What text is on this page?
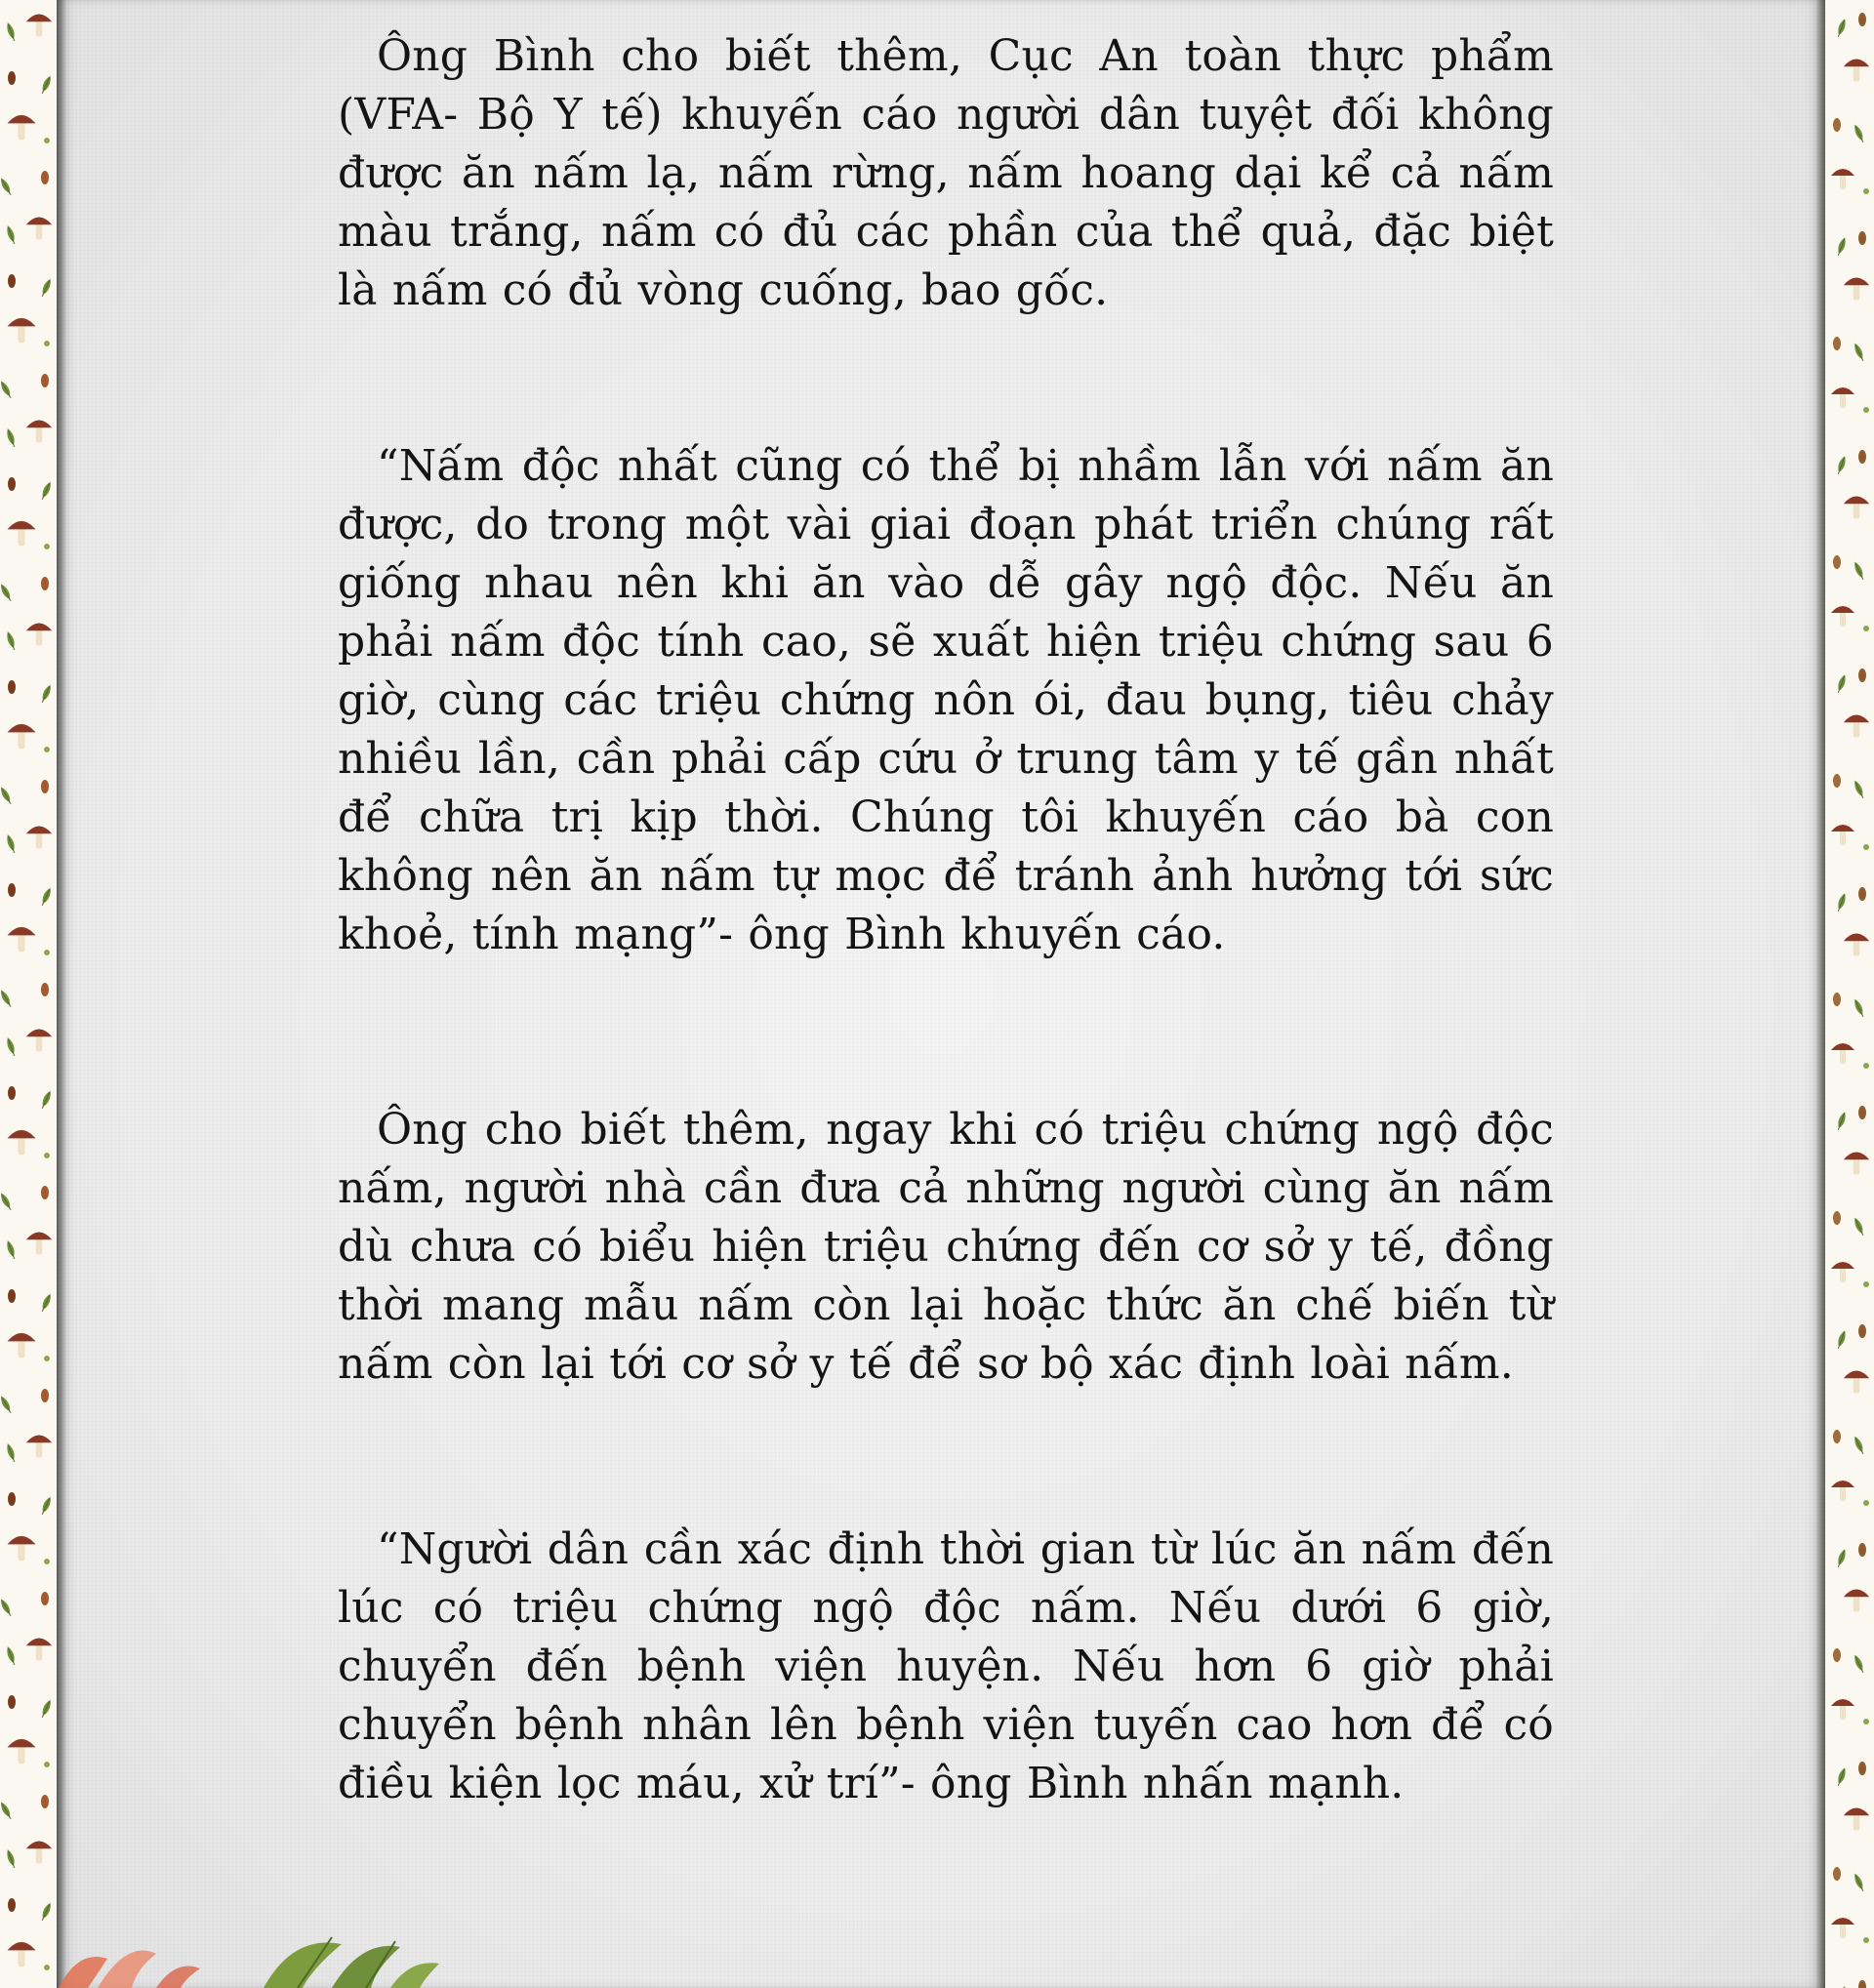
Ông Bình cho biết thêm, Cục An toàn thực phẩm (VFA- Bộ Y tế) khuyến cáo người dân tuyệt đối không được ăn nấm lạ, nấm rừng, nấm hoang dại kể cả nấm màu trắng, nấm có đủ các phần của thể quả, đặc biệt là nấm có đủ vòng cuống, bao gốc.

“Nấm độc nhất cũng có thể bị nhầm lẫn với nấm ăn được, do trong một vài giai đoạn phát triển chúng rất giống nhau nên khi ăn vào dễ gây ngộ độc. Nếu ăn phải nấm độc tính cao, sẽ xuất hiện triệu chứng sau 6 giờ, cùng các triệu chứng nôn ói, đau bụng, tiêu chảy nhiều lần, cần phải cấp cứu ở trung tâm y tế gần nhất để chữa trị kịp thời. Chúng tôi khuyến cáo bà con không nên ăn nấm tự mọc để tránh ảnh hưởng tới sức khoẻ, tính mạng”- ông Bình khuyến cáo.

Ông cho biết thêm, ngay khi có triệu chứng ngộ độc nấm, người nhà cần đưa cả những người cùng ăn nấm dù chưa có biểu hiện triệu chứng đến cơ sở y tế, đồng thời mang mẫu nấm còn lại hoặc thức ăn chế biến từ nấm còn lại tới cơ sở y tế để sơ bộ xác định loài nấm.

“Người dân cần xác định thời gian từ lúc ăn nấm đến lúc có triệu chứng ngộ độc nấm. Nếu dưới 6 giờ, chuyển đến bệnh viện huyện. Nếu hơn 6 giờ phải chuyển bệnh nhân lên bệnh viện tuyến cao hơn để có điều kiện lọc máu, xử trí”- ông Bình nhấn mạnh.
